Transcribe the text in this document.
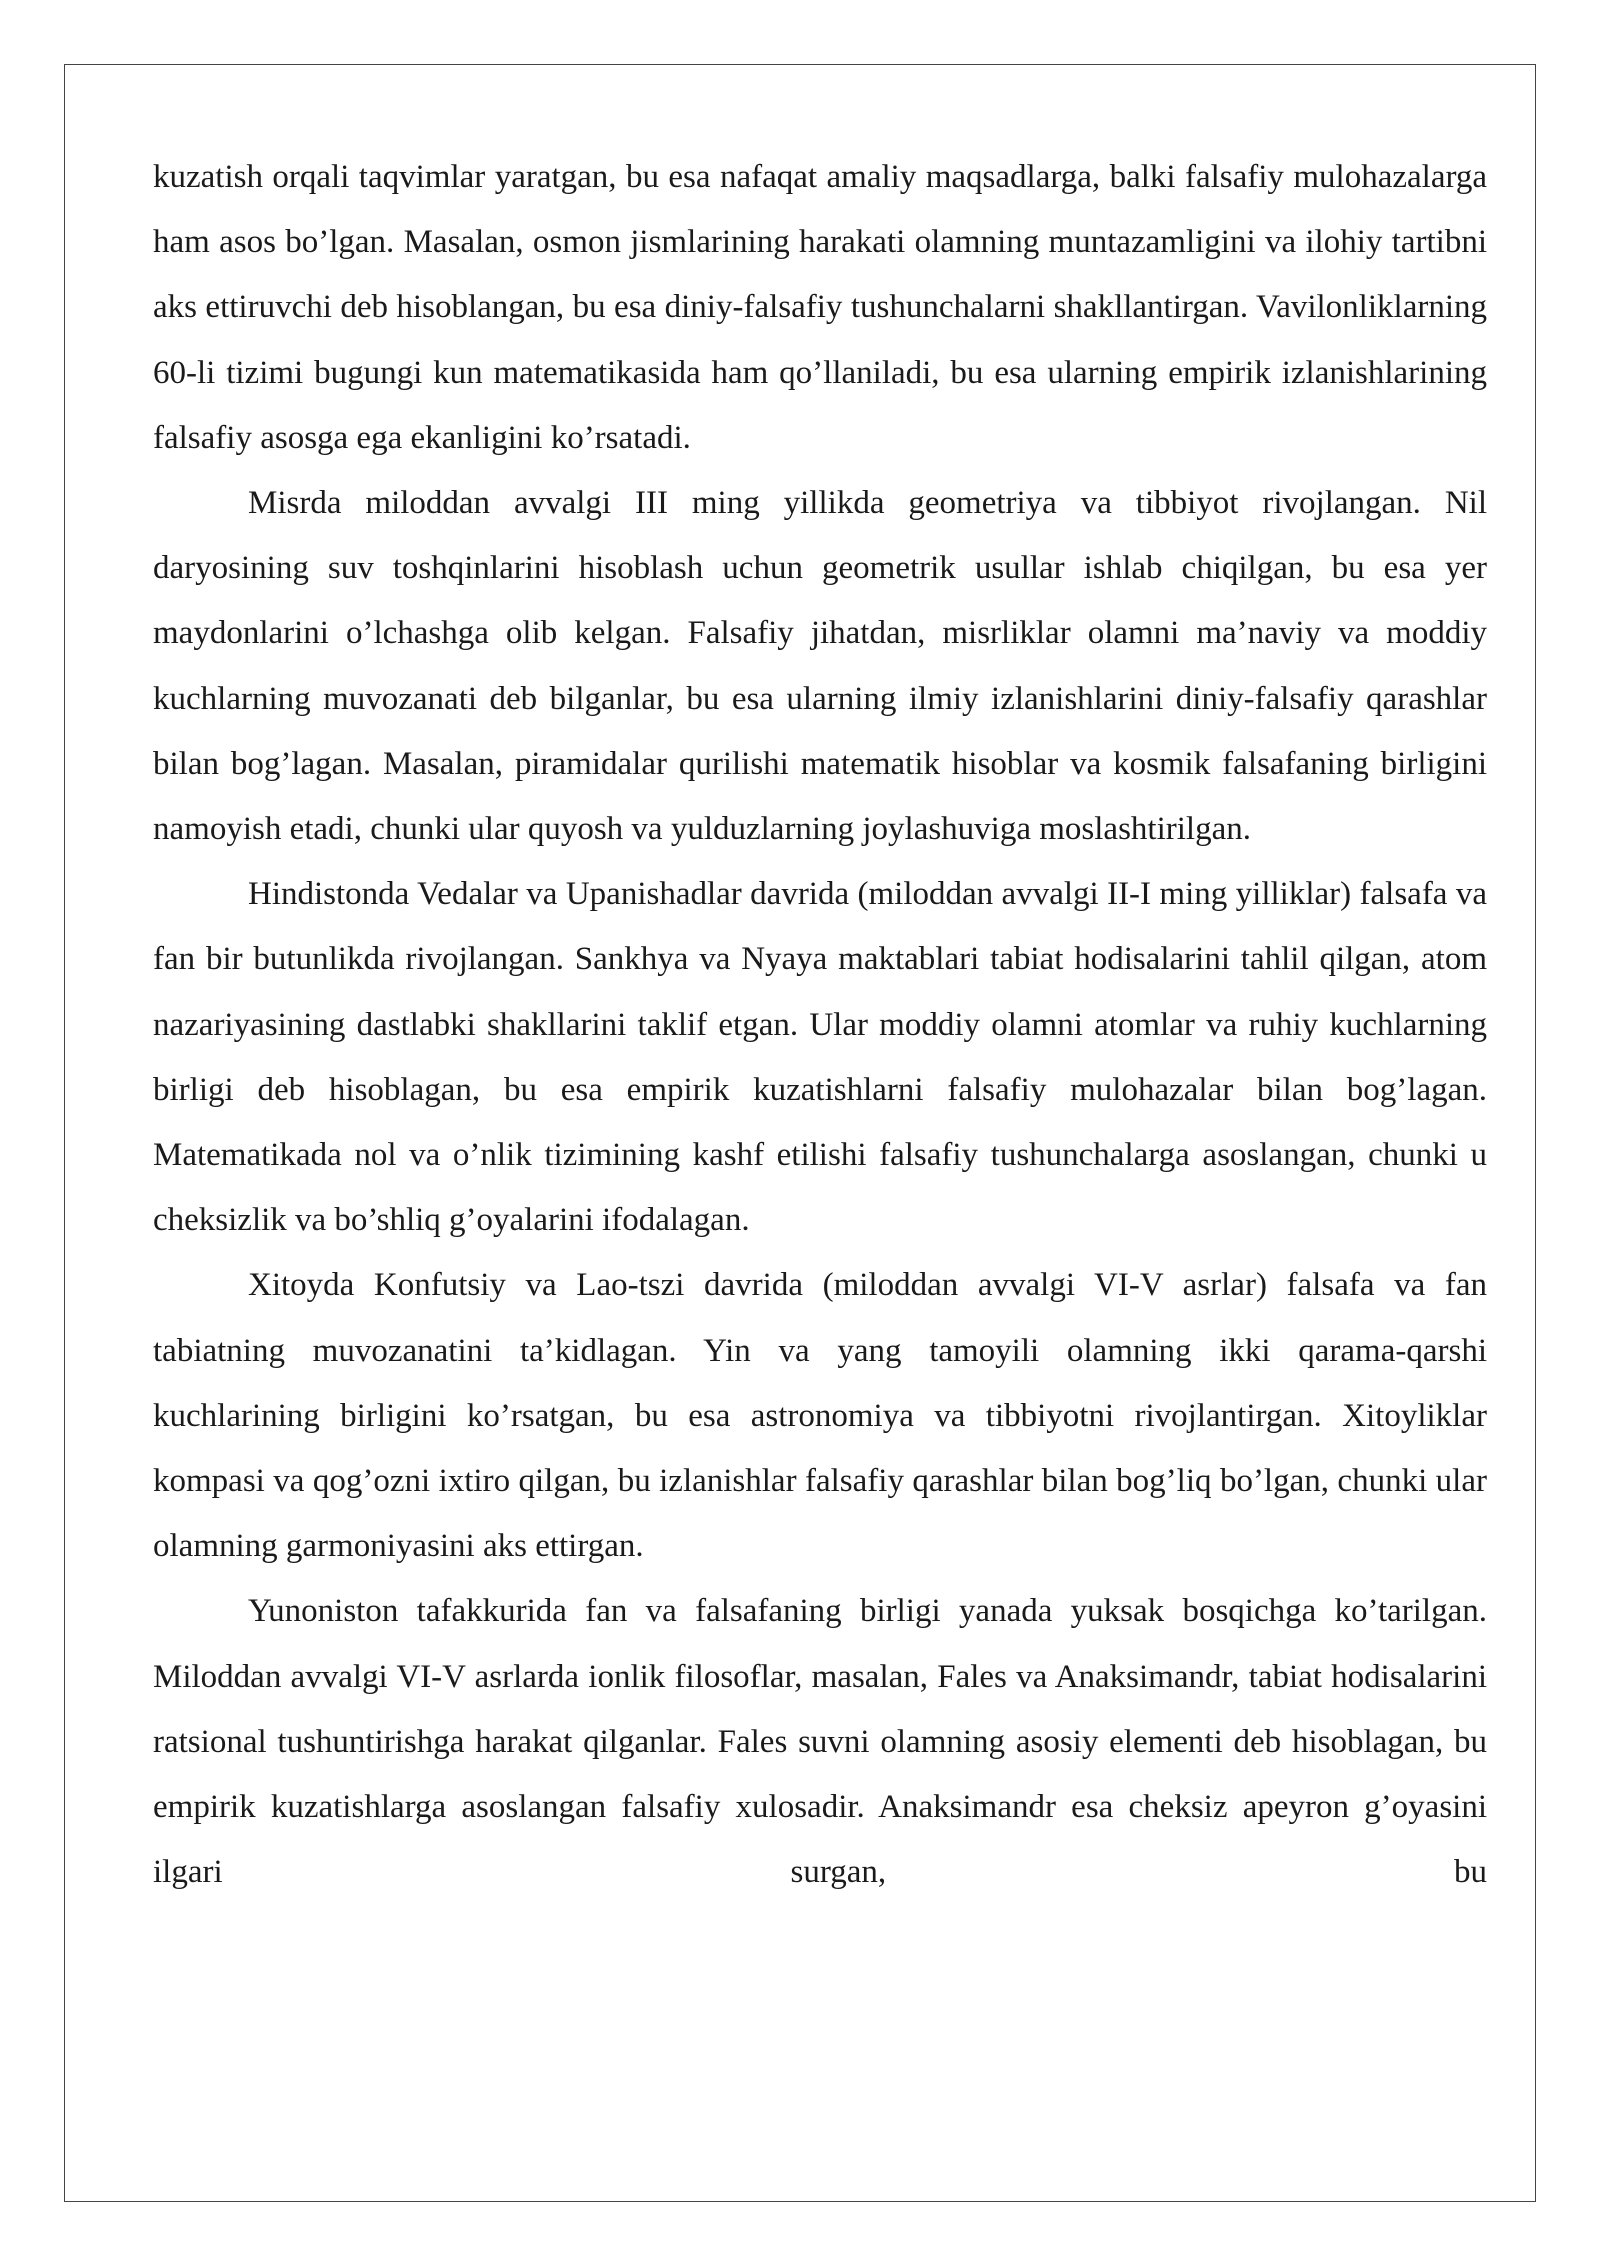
kuzatish orqali taqvimlar yaratgan, bu esa nafaqat amaliy maqsadlarga, balki falsafiy mulohazalarga ham asos bo’lgan. Masalan, osmon jismlarining harakati olamning muntazamligini va ilohiy tartibni aks ettiruvchi deb hisoblangan, bu esa diniy-falsafiy tushunchalarni shakllantirgan. Vavilonliklarning 60-li tizimi bugungi kun matematikasida ham qo’llaniladi, bu esa ularning empirik izlanishlarining falsafiy asosga ega ekanligini ko’rsatadi.

Misrda miloddan avvalgi III ming yillikda geometriya va tibbiyot rivojlangan. Nil daryosining suv toshqinlarini hisoblash uchun geometrik usullar ishlab chiqilgan, bu esa yer maydonlarini o’lchashga olib kelgan. Falsafiy jihatdan, misrliklar olamni ma’naviy va moddiy kuchlarning muvozanati deb bilganlar, bu esa ularning ilmiy izlanishlarini diniy-falsafiy qarashlar bilan bog’lagan. Masalan, piramidalar qurilishi matematik hisoblar va kosmik falsafaning birligini namoyish etadi, chunki ular quyosh va yulduzlarning joylashuviga moslashtirilgan.

Hindistonda Vedalar va Upanishadlar davrida (miloddan avvalgi II-I ming yilliklar) falsafa va fan bir butunlikda rivojlangan. Sankhya va Nyaya maktablari tabiat hodisalarini tahlil qilgan, atom nazariyasining dastlabki shakllarini taklif etgan. Ular moddiy olamni atomlar va ruhiy kuchlarning birligi deb hisoblagan, bu esa empirik kuzatishlarni falsafiy mulohazalar bilan bog’lagan. Matematikada nol va o’nlik tizimining kashf etilishi falsafiy tushunchalarga asoslangan, chunki u cheksizlik va bo’shliq g’oyalarini ifodalagan.

Xitoyda Konfutsiy va Lao-tszi davrida (miloddan avvalgi VI-V asrlar) falsafa va fan tabiatning muvozanatini ta’kidlagan. Yin va yang tamoyili olamning ikki qarama-qarshi kuchlarining birligini ko’rsatgan, bu esa astronomiya va tibbiyotni rivojlantirgan. Xitoyliklar kompasi va qog’ozni ixtiro qilgan, bu izlanishlar falsafiy qarashlar bilan bog’liq bo’lgan, chunki ular olamning garmoniyasini aks ettirgan.

Yunoniston tafakkurida fan va falsafaning birligi yanada yuksak bosqichga ko’tarilgan. Miloddan avvalgi VI-V asrlarda ionlik filosoflar, masalan, Fales va Anaksimandr, tabiat hodisalarini ratsional tushuntirishga harakat qilganlar. Fales suvni olamning asosiy elementi deb hisoblagan, bu empirik kuzatishlarga asoslangan falsafiy xulosadir. Anaksimandr esa cheksiz apeyron g’oyasini ilgari surgan, bu
